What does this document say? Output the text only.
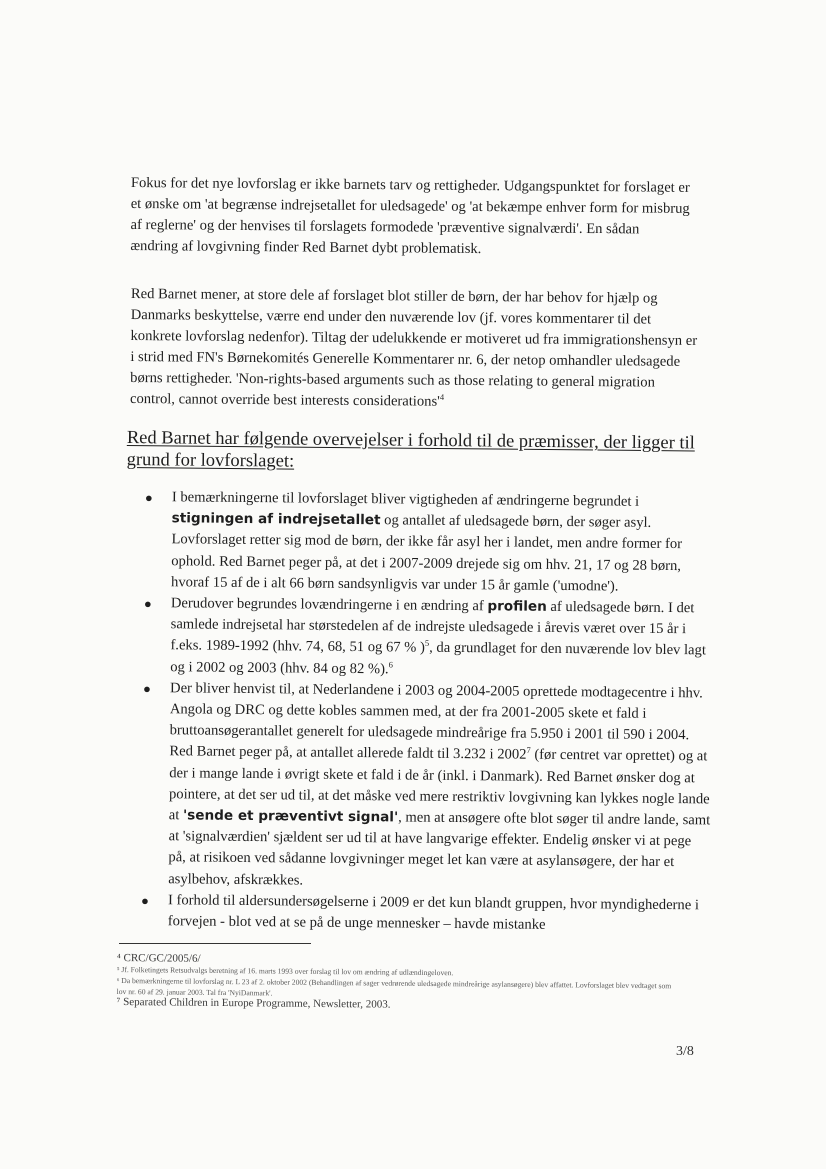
Fokus for det nye lovforslag er ikke barnets tarv og rettigheder. Udgangspunktet for forslaget er et ønske om 'at begrænse indrejsetallet for uledsagede' og 'at bekæmpe enhver form for misbrug af reglerne' og der henvises til forslagets formodede 'præventive signalværdi'. En sådan ændring af lovgivning finder Red Barnet dybt problematisk.

Red Barnet mener, at store dele af forslaget blot stiller de børn, der har behov for hjælp og Danmarks beskyttelse, værre end under den nuværende lov (jf. vores kommentarer til det konkrete lovforslag nedenfor). Tiltag der udelukkende er motiveret ud fra immigrationshensyn er i strid med FN's Børnekomités Generelle Kommentarer nr. 6, der netop omhandler uledsagede børns rettigheder. 'Non-rights-based arguments such as those relating to general migration control, cannot override best interests $considerations'^4$

Red Barnet har følgende overvejelser i forhold til de præmisser, der ligger til grund for lovforslaget:

● I bemærkningerne til lovforslaget bliver vigtigheden af ændringerne begrundet i stigningen af indrejsetallet og antallet af uledsagede børn, der søger asyl. Lovforslaget retter sig mod de børn, der ikke får asyl her i landet, men andre former for ophold. Red Barnet peger på, at det i 2007-2009 drejede sig om hhv. 21, 17 og 28 børn, hvoraf 15 af de i alt 66 børn sandsynligvis var under 15 år gamle ('umodne').
● Derudover begrundes lovændringerne i en ændring af profilen af uledsagede børn. I det samlede indrejsetal har størstedelen af de indrejste uledsagede i årevis været over 15 år i f.eks. 1989-1992 (hhv. 74, 68, 51 og 67 % )$^5$, da grundlaget for den nuværende lov blev lagt og i 2002 og 2003 (hhv. 84 og 82 %).$^6$
● Der bliver henvist til, at Nederlandene i 2003 og 2004-2005 oprettede modtagecentre i hhv. Angola og DRC og dette kobles sammen med, at der fra 2001-2005 skete et fald i bruttoansøgerantallet generelt for uledsagede mindreårige fra 5.950 i 2001 til 590 i 2004. Red Barnet peger på, at antallet allerede faldt til 3.232 i 2002$^7$ (før centret var oprettet) og at der i mange lande i øvrigt skete et fald i de år (inkl. i Danmark). Red Barnet ønsker dog at pointere, at det ser ud til, at det måske ved mere restriktiv lovgivning kan lykkes nogle lande at 'sende et præventivt signal', men at ansøgere ofte blot søger til andre lande, samt at 'signalværdien' sjældent ser ud til at have langvarige effekter. Endelig ønsker vi at pege på, at risikoen ved sådanne lovgivninger meget let kan være at asylansøgere, der har et asylbehov, afskrækkes.
● I forhold til aldersundersøgelserne i 2009 er det kun blandt gruppen, hvor myndighederne i forvejen - blot ved at se på de unge mennesker – havde mistanke

⁴ CRC/GC/2005/6/

⁵ Jf. Folketingets Retsudvalgs beretning af 16. marts 1993 over forslag til lov om ændring af udlændingeloven.

⁶ Da bemærkningerne til lovforslag nr. L 23 af 2. oktober 2002 (Behandlingen af sager vedrørende uledsagede mindreårige asylansøgere) blev affattet. Lovforslaget blev vedtaget som lov nr. 60 af 29. januar 2003. Tal fra 'NyiDanmark'.

⁷ Separated Children in Europe Programme, Newsletter, 2003.

3/8
